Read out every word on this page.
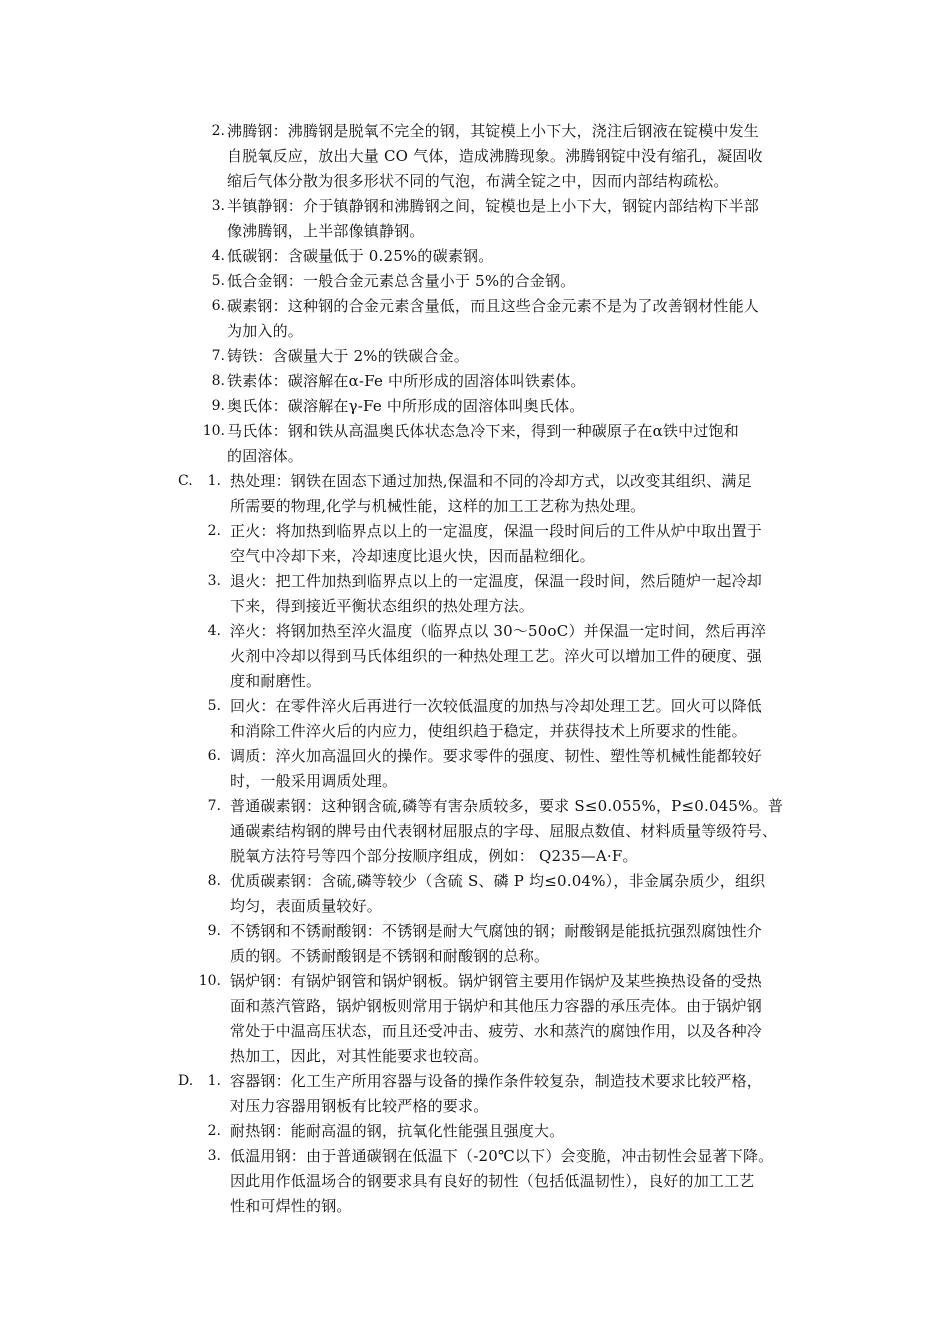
2. 沸腾钢：沸腾钢是脱氧不完全的钢，其锭模上小下大，浇注后钢液在锭模中发生
自脱氧反应，放出大量 CO 气体，造成沸腾现象。沸腾钢锭中没有缩孔，凝固收
缩后气体分散为很多形状不同的气泡，布满全锭之中，因而内部结构疏松。
3. 半镇静钢：介于镇静钢和沸腾钢之间，锭模也是上小下大，钢锭内部结构下半部
像沸腾钢，上半部像镇静钢。
4. 低碳钢：含碳量低于 0.25%的碳素钢。
5. 低合金钢：一般合金元素总含量小于 5%的合金钢。
6. 碳素钢：这种钢的合金元素含量低，而且这些合金元素不是为了改善钢材性能人
为加入的。
7. 铸铁：含碳量大于 2%的铁碳合金。
8. 铁素体：碳溶解在α-Fe 中所形成的固溶体叫铁素体。
9. 奥氏体：碳溶解在γ-Fe 中所形成的固溶体叫奥氏体。
10. 马氏体：钢和铁从高温奥氏体状态急冷下来，得到一种碳原子在α铁中过饱和
的固溶体。
C.	1. 热处理：钢铁在固态下通过加热,保温和不同的冷却方式，以改变其组织、满足
所需要的物理,化学与机械性能，这样的加工工艺称为热处理。
2. 正火：将加热到临界点以上的一定温度，保温一段时间后的工件从炉中取出置于
空气中冷却下来，冷却速度比退火快，因而晶粒细化。
3. 退火：把工件加热到临界点以上的一定温度，保温一段时间，然后随炉一起冷却
下来，得到接近平衡状态组织的热处理方法。
4. 淬火：将钢加热至淬火温度（临界点以 30～50oC）并保温一定时间，然后再淬
火剂中冷却以得到马氏体组织的一种热处理工艺。淬火可以增加工件的硬度、强
度和耐磨性。
5. 回火：在零件淬火后再进行一次较低温度的加热与冷却处理工艺。回火可以降低
和消除工件淬火后的内应力，使组织趋于稳定，并获得技术上所要求的性能。
6. 调质：淬火加高温回火的操作。要求零件的强度、韧性、塑性等机械性能都较好
时，一般采用调质处理。
7. 普通碳素钢：这种钢含硫,磷等有害杂质较多，要求 S≤0.055%，P≤0.045%。普
通碳素结构钢的牌号由代表钢材屈服点的字母、屈服点数值、材料质量等级符号、
脱氧方法符号等四个部分按顺序组成，例如： Q235—A·F。
8. 优质碳素钢：含硫,磷等较少（含硫 S、磷 P 均≤0.04%），非金属杂质少，组织
均匀，表面质量较好。
9. 不锈钢和不锈耐酸钢：不锈钢是耐大气腐蚀的钢；耐酸钢是能抵抗强烈腐蚀性介
质的钢。不锈耐酸钢是不锈钢和耐酸钢的总称。
10. 锅炉钢：有锅炉钢管和锅炉钢板。锅炉钢管主要用作锅炉及某些换热设备的受热
面和蒸汽管路，锅炉钢板则常用于锅炉和其他压力容器的承压壳体。由于锅炉钢
常处于中温高压状态，而且还受冲击、疲劳、水和蒸汽的腐蚀作用，以及各种冷
热加工，因此，对其性能要求也较高。
D.	1. 容器钢：化工生产所用容器与设备的操作条件较复杂，制造技术要求比较严格，
对压力容器用钢板有比较严格的要求。
2. 耐热钢：能耐高温的钢，抗氧化性能强且强度大。
3. 低温用钢：由于普通碳钢在低温下（-20℃以下）会变脆，冲击韧性会显著下降。
因此用作低温场合的钢要求具有良好的韧性（包括低温韧性），良好的加工工艺
性和可焊性的钢。
